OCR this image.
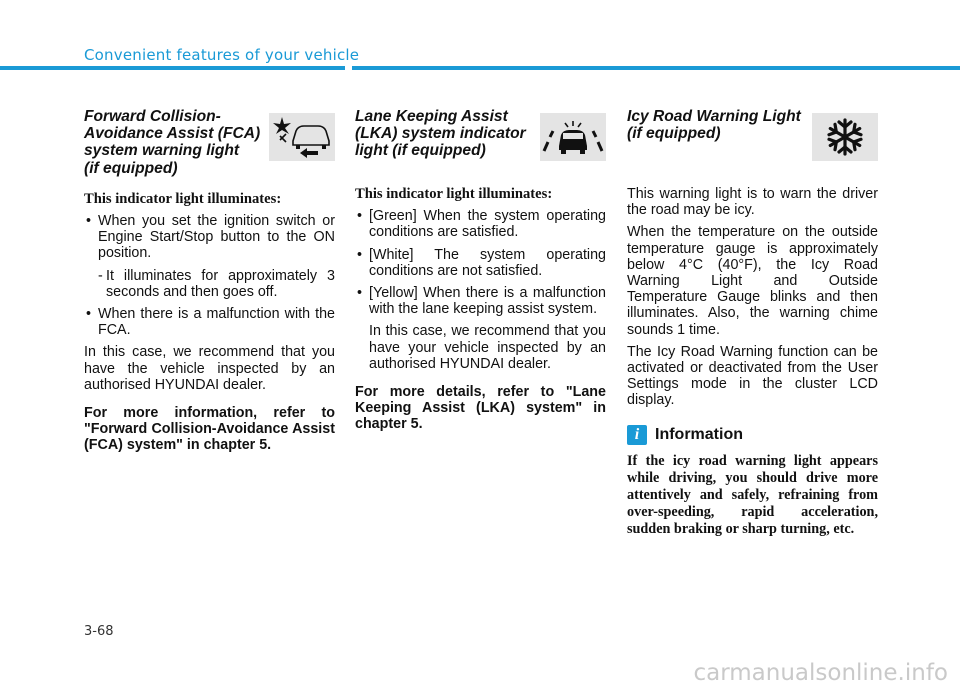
Convenient features of your vehicle
Forward Collision-
Avoidance Assist (FCA)
system warning light
(if equipped)
This indicator light illuminates:
• When you set the ignition switch or Engine Start/Stop button to the ON position.
- It illuminates for approximately 3 seconds and then goes off.
• When there is a malfunction with the FCA.

In this case, we recommend that you have the vehicle inspected by an authorised HYUNDAI dealer.

For more information, refer to "Forward Collision-Avoidance Assist (FCA) system" in chapter 5.

Lane Keeping Assist
(LKA) system indicator
light (if equipped)
This indicator light illuminates:
• [Green] When the system operating conditions are satisfied.
• [White] The system operating conditions are not satisfied.
• [Yellow] When there is a malfunction with the lane keeping assist system.

In this case, we recommend that you have your vehicle inspected by an authorised HYUNDAI dealer.

For more details, refer to "Lane Keeping Assist (LKA) system" in chapter 5.

Icy Road Warning Light
(if equipped)

This warning light is to warn the driver the road may be icy.

When the temperature on the outside temperature gauge is approximately below 4°C (40°F), the Icy Road Warning Light and Outside Temperature Gauge blinks and then illuminates. Also, the warning chime sounds 1 time.

The Icy Road Warning function can be activated or deactivated from the User Settings mode in the cluster LCD display.

i Information

If the icy road warning light appears while driving, you should drive more attentively and safely, refraining from over-speeding, rapid acceleration, sudden braking or sharp turning, etc.

3-68
carmanualsonline.info
